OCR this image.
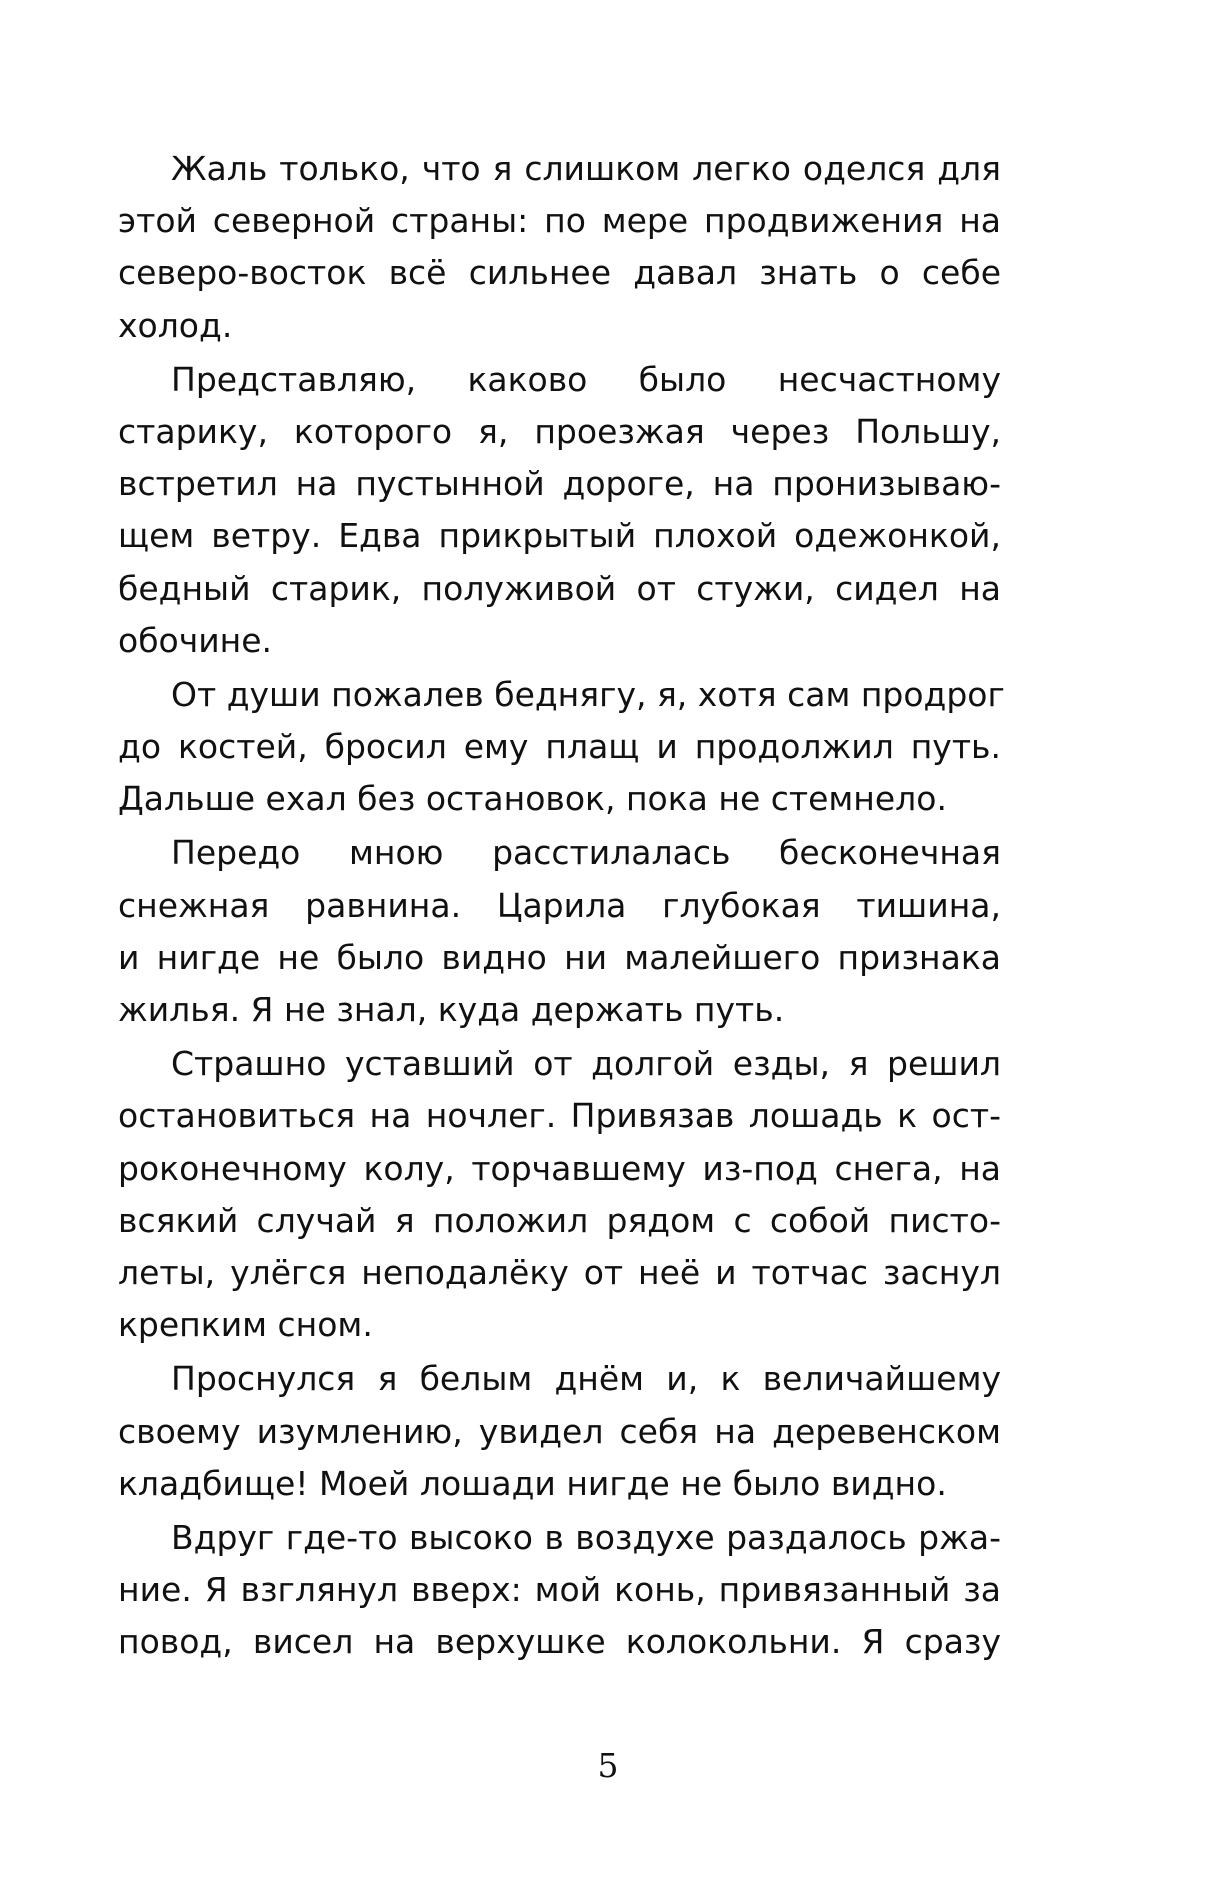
Жаль только, что я слишком легко оделся для
этой северной страны: по мере продвижения на
северо-восток всё сильнее давал знать о себе
холод.
Представляю, каково было несчастному
старику, которого я, проезжая через Польшу,
встретил на пустынной дороге, на пронизываю-
щем ветру. Едва прикрытый плохой одежонкой,
бедный старик, полуживой от стужи, сидел на
обочине.
От души пожалев беднягу, я, хотя сам продрог
до костей, бросил ему плащ и продолжил путь.
Дальше ехал без остановок, пока не стемнело.
Передо мною расстилалась бесконечная
снежная равнина. Царила глубокая тишина,
и нигде не было видно ни малейшего признака
жилья. Я не знал, куда держать путь.
Страшно уставший от долгой езды, я решил
остановиться на ночлег. Привязав лошадь к ост-
роконечному колу, торчавшему из-под снега, на
всякий случай я положил рядом с собой писто-
леты, улёгся неподалёку от неё и тотчас заснул
крепким сном.
Проснулся я белым днём и, к величайшему
своему изумлению, увидел себя на деревенском
кладбище! Моей лошади нигде не было видно.
Вдруг где-то высоко в воздухе раздалось ржа-
ние. Я взглянул вверх: мой конь, привязанный за
повод, висел на верхушке колокольни. Я сразу
5
